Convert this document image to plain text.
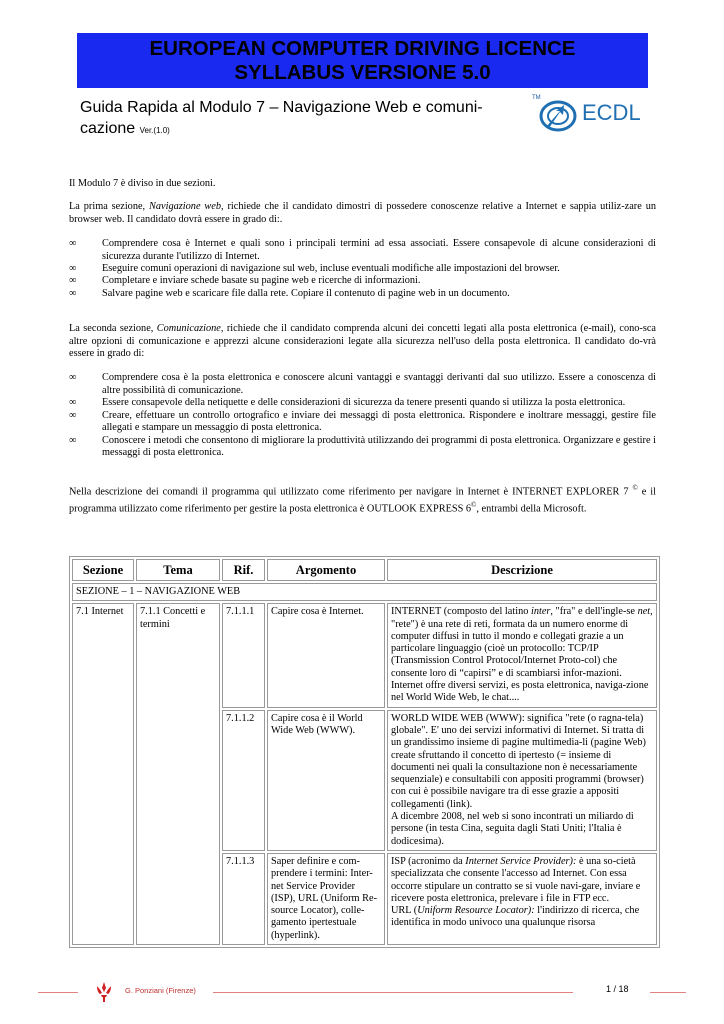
EUROPEAN COMPUTER DRIVING LICENCE
SYLLABUS VERSIONE 5.0
Guida Rapida al Modulo 7 – Navigazione Web e comuni-
cazione Ver.(1.0)
TM
ECDL

Il Modulo 7 è diviso in due sezioni.

La prima sezione, Navigazione web, richiede che il candidato dimostri di possedere conoscenze relative a Internet e sappia utiliz-zare un browser web. Il candidato dovrà essere in grado di:.

∞ Comprendere cosa è Internet e quali sono i principali termini ad essa associati. Essere consapevole di alcune considerazioni di sicurezza durante l'utilizzo di Internet.
∞ Eseguire comuni operazioni di navigazione sul web, incluse eventuali modifiche alle impostazioni del browser.
∞ Completare e inviare schede basate su pagine web e ricerche di informazioni.
∞ Salvare pagine web e scaricare file dalla rete. Copiare il contenuto di pagine web in un documento.

La seconda sezione, Comunicazione, richiede che il candidato comprenda alcuni dei concetti legati alla posta elettronica (e-mail), cono-sca altre opzioni di comunicazione e apprezzi alcune considerazioni legate alla sicurezza nell'uso della posta elettronica. Il candidato do-vrà essere in grado di:

∞ Comprendere cosa è la posta elettronica e conoscere alcuni vantaggi e svantaggi derivanti dal suo utilizzo. Essere a conoscenza di altre possibilità di comunicazione.
∞ Essere consapevole della netiquette e delle considerazioni di sicurezza da tenere presenti quando si utilizza la posta elettronica.
∞ Creare, effettuare un controllo ortografico e inviare dei messaggi di posta elettronica. Rispondere e inoltrare messaggi, gestire file allegati e stampare un messaggio di posta elettronica.
∞ Conoscere i metodi che consentono di migliorare la produttività utilizzando dei programmi di posta elettronica. Organizzare e gestire i messaggi di posta elettronica.

Nella descrizione dei comandi il programma qui utilizzato come riferimento per navigare in Internet è INTERNET EXPLORER 7 © e il programma utilizzato come riferimento per gestire la posta elettronica è OUTLOOK EXPRESS 6©, entrambi della Microsoft.

Sezione	Tema	Rif.	Argomento	Descrizione
SEZIONE – 1 – NAVIGAZIONE WEB				
7.1 Internet	7.1.1 Concetti e termini	7.1.1.1	Capire cosa è Internet.	INTERNET (composto del latino inter, "fra" e dell'ingle-se net, "rete") è una rete di reti, formata da un numero enorme di computer diffusi in tutto il mondo e collegati grazie a un particolare linguaggio (cioè un protocollo: TCP/IP (Transmission Control Protocol/Internet Proto-col) che consente loro di “capirsi” e di scambiarsi infor-mazioni.
Internet offre diversi servizi, es posta elettronica, naviga-zione nel World Wide Web, le chat....
		7.1.1.2	Capire cosa è il World Wide Web (WWW).	WORLD WIDE WEB (WWW): significa "rete (o ragna-tela) globale". E' uno dei servizi informativi di Internet. Si tratta di un grandissimo insieme di pagine multimedia-li (pagine Web) create sfruttando il concetto di ipertesto (= insieme di documenti nei quali la consultazione non è necessariamente sequenziale) e consultabili con appositi programmi (browser) con cui è possibile navigare tra di esse grazie a appositi collegamenti (link).
A dicembre 2008, nel web si sono incontrati un miliardo di persone (in testa Cina, seguita dagli Stati Uniti; l'Italia è dodicesima).
		7.1.1.3	Saper definire e com-prendere i termini: Inter-net Service Provider (ISP), URL (Uniform Re-source Locator), colle-gamento ipertestuale (hyperlink).	ISP (acronimo da Internet Service Provider): è una so-cietà specializzata che consente l'accesso ad Internet. Con essa occorre stipulare un contratto se si vuole navi-gare, inviare e ricevere posta elettronica, prelevare i file in FTP ecc.
URL (Uniform Resource Locator): l'indirizzo di ricerca, che identifica in modo univoco una qualunque risorsa
G. Ponziani (Firenze)	1 / 18
